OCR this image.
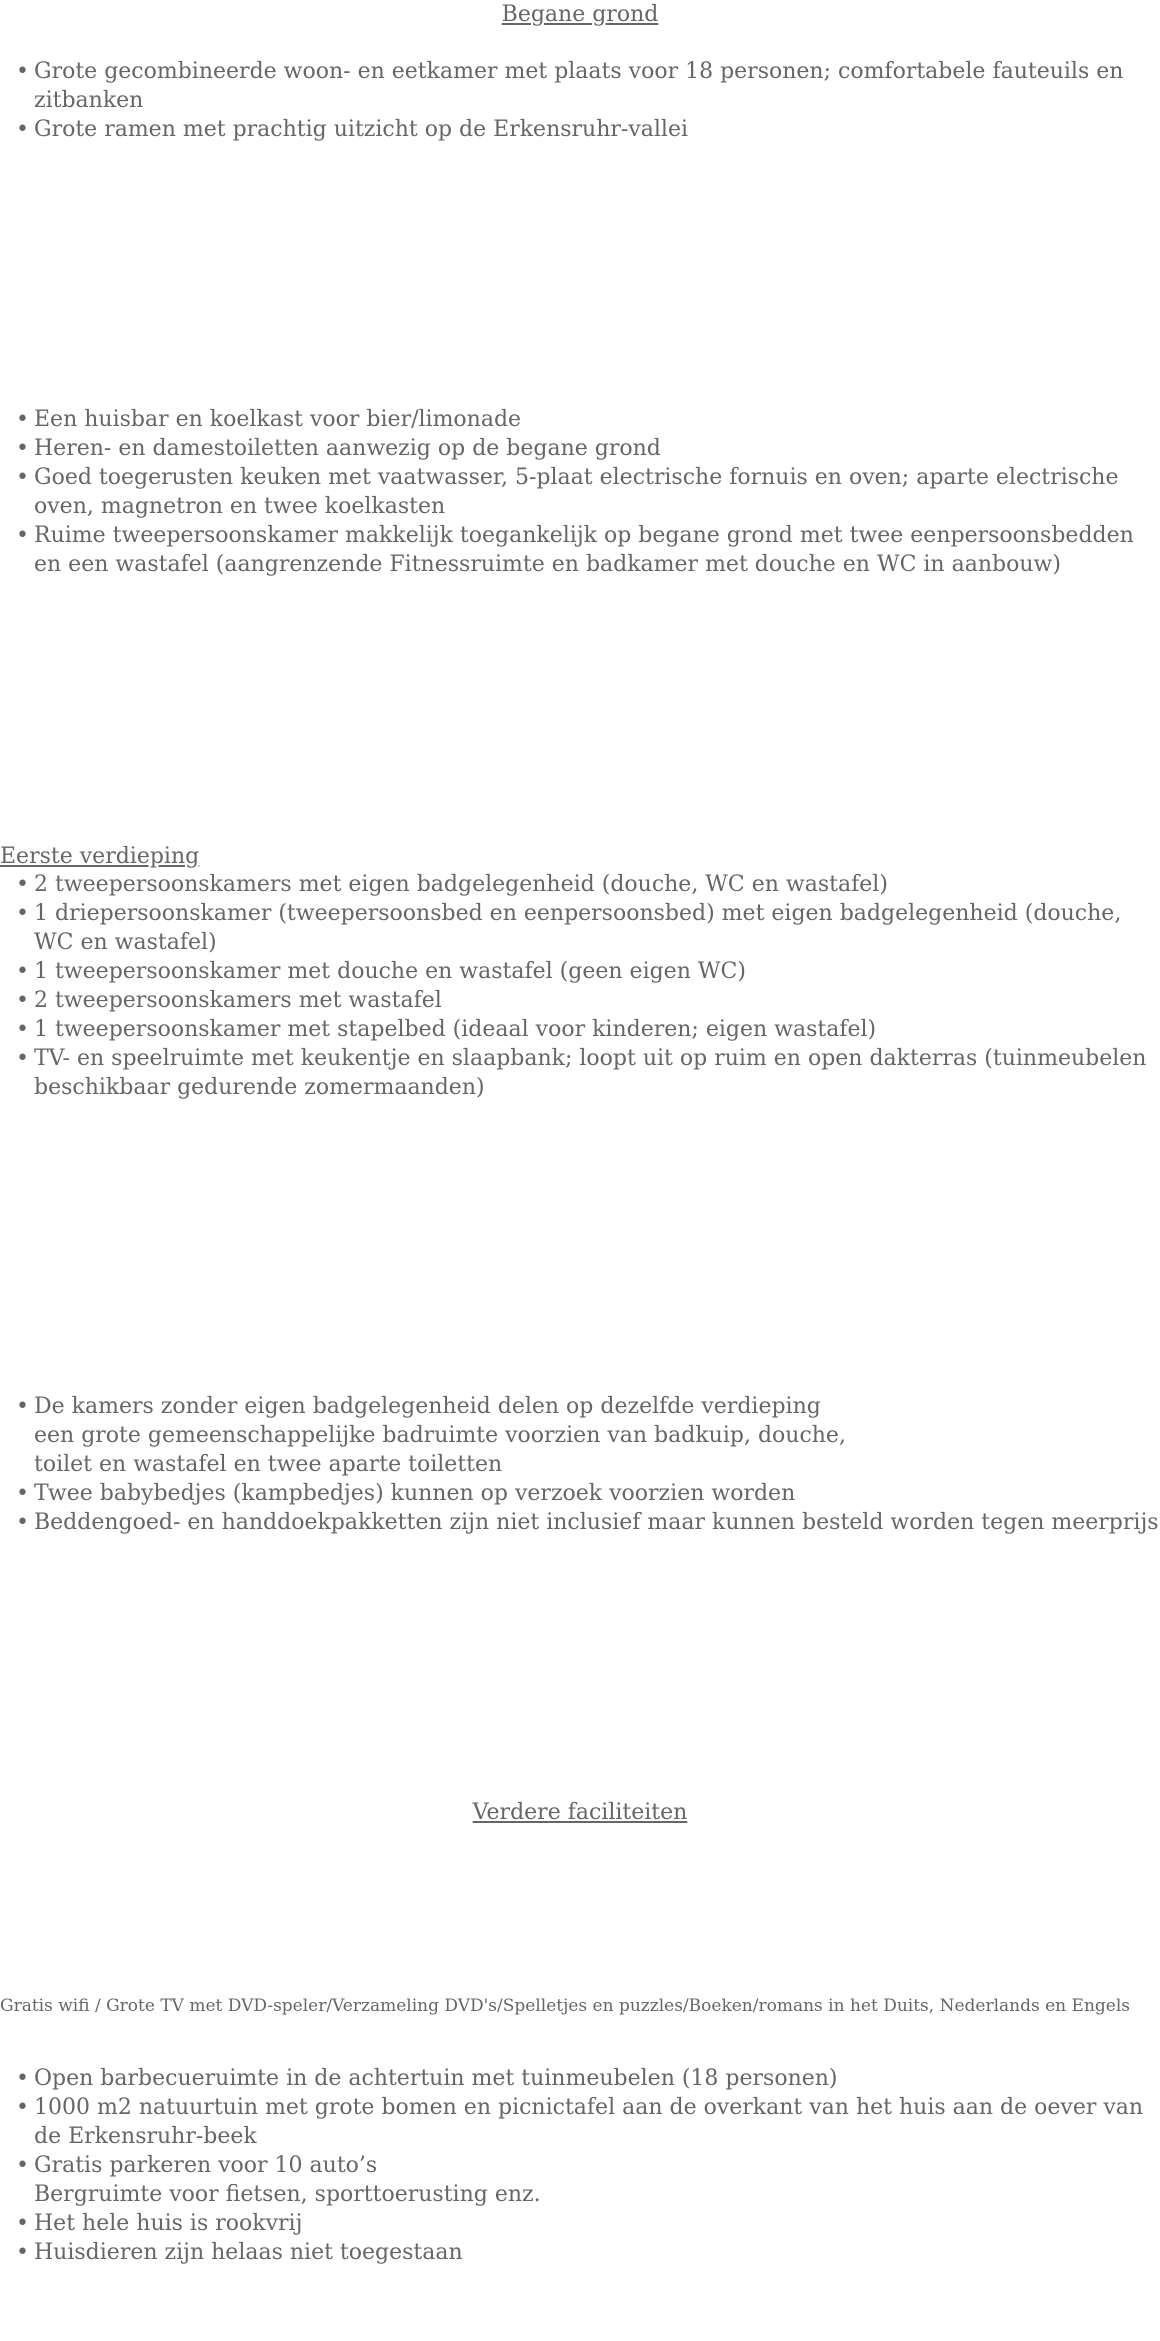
Begane grond
• Grote gecombineerde woon- en eetkamer met plaats voor 18 personen; comfortabele fauteuils en
zitbanken
• Grote ramen met prachtig uitzicht op de Erkensruhr-vallei
• Een huisbar en koelkast voor bier/limonade
• Heren- en damestoiletten aanwezig op de begane grond
• Goed toegerusten keuken met vaatwasser, 5-plaat electrische fornuis en oven; aparte electrische
oven, magnetron en twee koelkasten
• Ruime tweepersoonskamer makkelijk toegankelijk op begane grond met twee eenpersoonsbedden
en een wastafel (aangrenzende Fitnessruimte en badkamer met douche en WC in aanbouw)
Eerste verdieping
• 2 tweepersoonskamers met eigen badgelegenheid (douche, WC en wastafel)
• 1 driepersoonskamer (tweepersoonsbed en eenpersoonsbed) met eigen badgelegenheid (douche,
WC en wastafel)
• 1 tweepersoonskamer met douche en wastafel (geen eigen WC)
• 2 tweepersoonskamers met wastafel
• 1 tweepersoonskamer met stapelbed (ideaal voor kinderen; eigen wastafel)
• TV- en speelruimte met keukentje en slaapbank; loopt uit op ruim en open dakterras (tuinmeubelen
beschikbaar gedurende zomermaanden)
• De kamers zonder eigen badgelegenheid delen op dezelfde verdieping
een grote gemeenschappelijke badruimte voorzien van badkuip, douche,
toilet en wastafel en twee aparte toiletten
• Twee babybedjes (kampbedjes) kunnen op verzoek voorzien worden
• Beddengoed- en handdoekpakketten zijn niet inclusief maar kunnen besteld worden tegen meerprijs
Verdere faciliteiten
Gratis wifi / Grote TV met DVD-speler/Verzameling DVD's/Spelletjes en puzzles/Boeken/romans in het Duits, Nederlands en Engels
• Open barbecueruimte in de achtertuin met tuinmeubelen (18 personen)
• 1000 m2 natuurtuin met grote bomen en picnictafel aan de overkant van het huis aan de oever van
de Erkensruhr-beek
• Gratis parkeren voor 10 auto’s
Bergruimte voor fietsen, sporttoerusting enz.
• Het hele huis is rookvrij
• Huisdieren zijn helaas niet toegestaan
